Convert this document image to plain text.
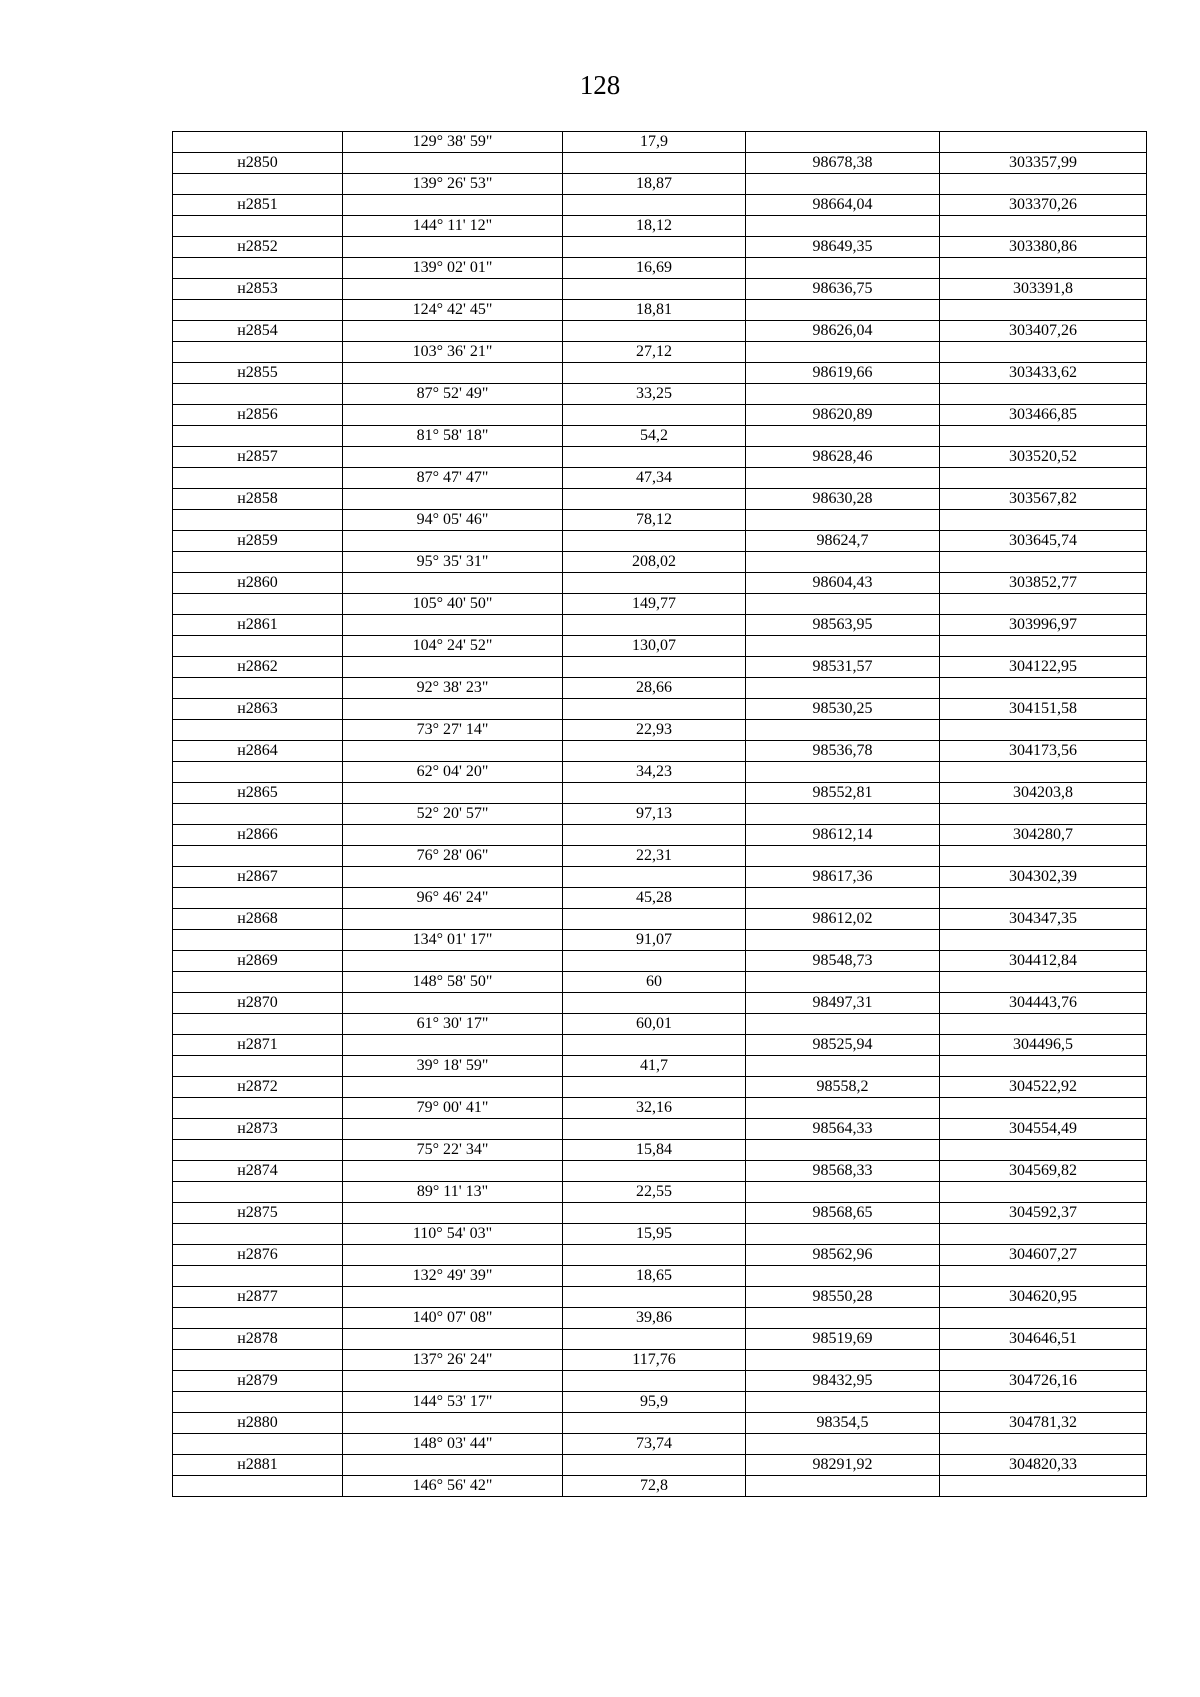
128
	129° 38' 59"	17,9		
н2850			98678,38	303357,99
	139° 26' 53"	18,87		
н2851			98664,04	303370,26
	144° 11' 12"	18,12		
н2852			98649,35	303380,86
	139° 02' 01"	16,69		
н2853			98636,75	303391,8
	124° 42' 45"	18,81		
н2854			98626,04	303407,26
	103° 36' 21"	27,12		
н2855			98619,66	303433,62
	87° 52' 49"	33,25		
н2856			98620,89	303466,85
	81° 58' 18"	54,2		
н2857			98628,46	303520,52
	87° 47' 47"	47,34		
н2858			98630,28	303567,82
	94° 05' 46"	78,12		
н2859			98624,7	303645,74
	95° 35' 31"	208,02		
н2860			98604,43	303852,77
	105° 40' 50"	149,77		
н2861			98563,95	303996,97
	104° 24' 52"	130,07		
н2862			98531,57	304122,95
	92° 38' 23"	28,66		
н2863			98530,25	304151,58
	73° 27' 14"	22,93		
н2864			98536,78	304173,56
	62° 04' 20"	34,23		
н2865			98552,81	304203,8
	52° 20' 57"	97,13		
н2866			98612,14	304280,7
	76° 28' 06"	22,31		
н2867			98617,36	304302,39
	96° 46' 24"	45,28		
н2868			98612,02	304347,35
	134° 01' 17"	91,07		
н2869			98548,73	304412,84
	148° 58' 50"	60		
н2870			98497,31	304443,76
	61° 30' 17"	60,01		
н2871			98525,94	304496,5
	39° 18' 59"	41,7		
н2872			98558,2	304522,92
	79° 00' 41"	32,16		
н2873			98564,33	304554,49
	75° 22' 34"	15,84		
н2874			98568,33	304569,82
	89° 11' 13"	22,55		
н2875			98568,65	304592,37
	110° 54' 03"	15,95		
н2876			98562,96	304607,27
	132° 49' 39"	18,65		
н2877			98550,28	304620,95
	140° 07' 08"	39,86		
н2878			98519,69	304646,51
	137° 26' 24"	117,76		
н2879			98432,95	304726,16
	144° 53' 17"	95,9		
н2880			98354,5	304781,32
	148° 03' 44"	73,74		
н2881			98291,92	304820,33
	146° 56' 42"	72,8		
